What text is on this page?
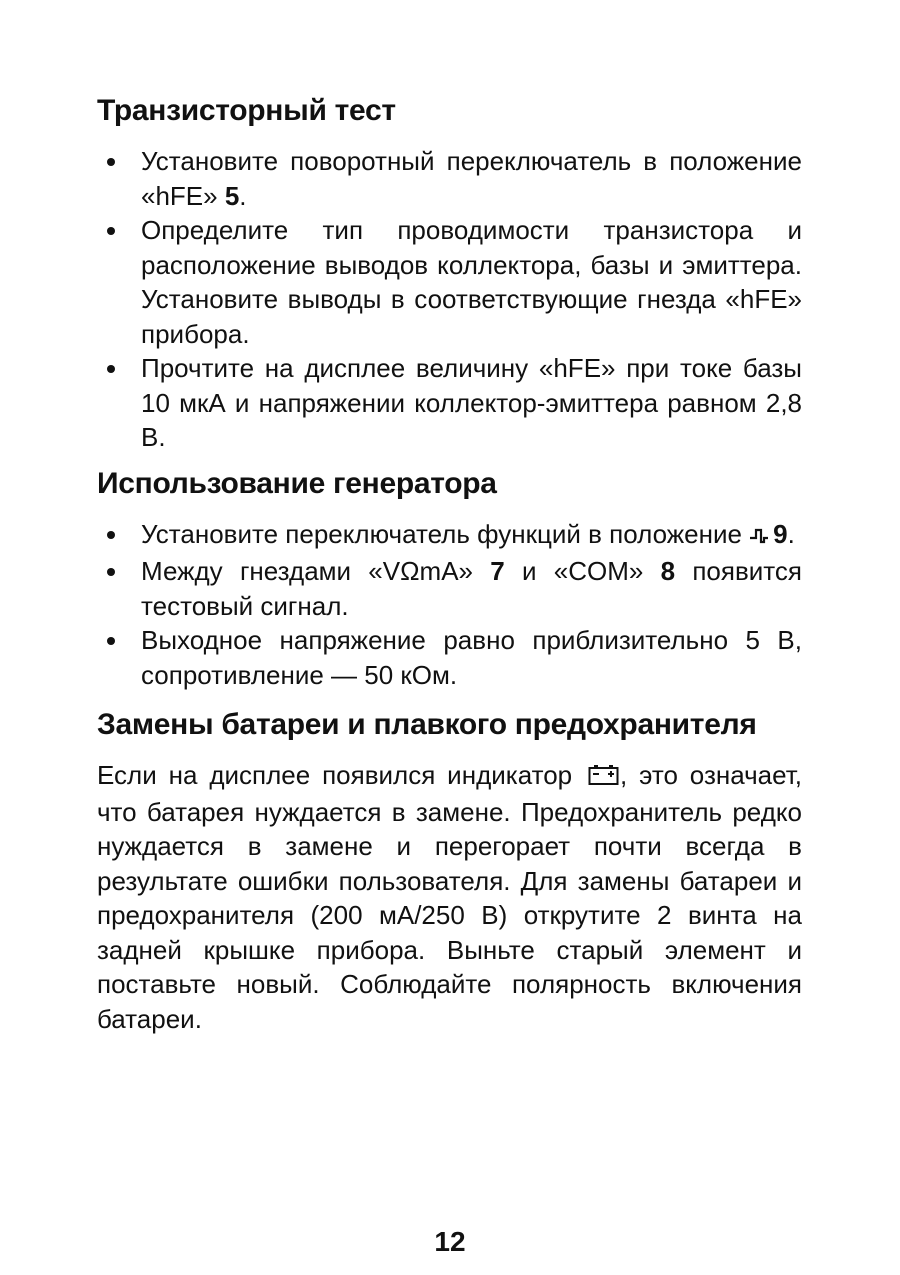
Транзисторный тест
Установите поворотный переключатель в положение «hFE» 5.
Определите тип проводимости транзистора и расположение выводов коллектора, базы и эмиттера. Установите выводы в соответствующие гнезда «hFE» прибора.
Прочтите на дисплее величину «hFE» при токе базы 10 мкА и напряжении коллектор-эмиттера равном 2,8 В.
Использование генератора
Установите переключатель функций в положение 9.
Между гнездами «VΩmA» 7 и «COM» 8 появится тестовый сигнал.
Выходное напряжение равно приблизительно 5 В, сопротивление — 50 кОм.
Замены батареи и плавкого предохранителя

Если на дисплее появился индикатор , это означает, что батарея нуждается в замене. Предохранитель редко нуждается в замене и перегорает почти всегда в результате ошибки пользователя. Для замены батареи и предохранителя (200 мА/250 В) открутите 2 винта на задней крышке прибора. Выньте старый элемент и поставьте новый. Соблюдайте полярность включения батареи.

12
